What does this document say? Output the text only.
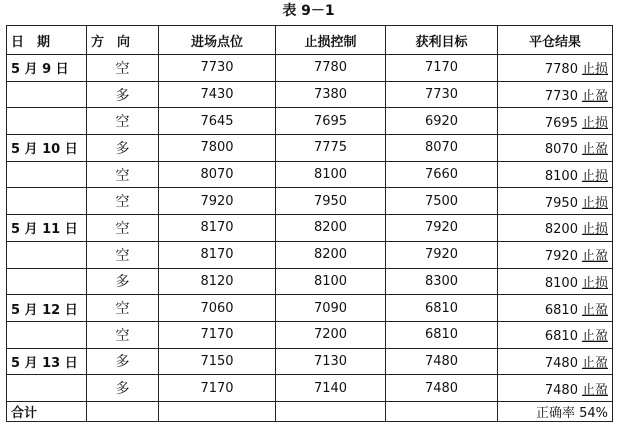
表 9－1
日　期	方　向	进场点位	止损控制	获利目标	平仓结果
5 月 9 日	空	7730	7780	7170	7780 止损
	多	7430	7380	7730	7730 止盈
	空	7645	7695	6920	7695 止损
5 月 10 日	多	7800	7775	8070	8070 止盈
	空	8070	8100	7660	8100 止损
	空	7920	7950	7500	7950 止损
5 月 11 日	空	8170	8200	7920	8200 止损
	空	8170	8200	7920	7920 止盈
	多	8120	8100	8300	8100 止损
5 月 12 日	空	7060	7090	6810	6810 止盈
	空	7170	7200	6810	6810 止盈
5 月 13 日	多	7150	7130	7480	7480 止盈
	多	7170	7140	7480	7480 止盈
合计					正确率 54%
